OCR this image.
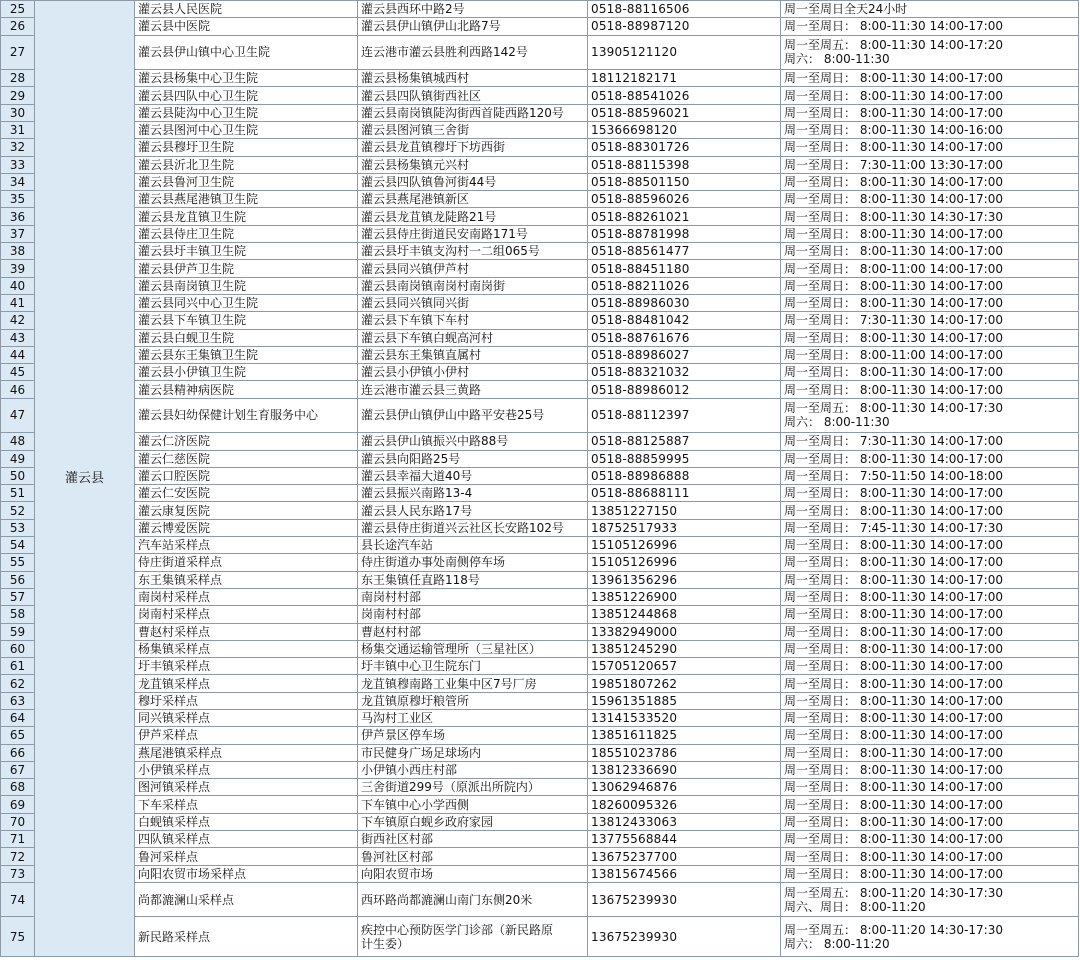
25	灌云县	灌云县人民医院	灌云县西环中路2号	0518-88116506	周一至周日全天24小时

26		灌云县中医院	灌云县伊山镇伊山北路7号	0518-88987120	周一至周日： 8:00-11:30 14:00-17:00

27		灌云县伊山镇中心卫生院	连云港市灌云县胜利西路142号	13905121120	周一至周五： 8:00-11:30 14:00-17:20
周六： 8:00-11:30

28		灌云县杨集中心卫生院	灌云县杨集镇城西村	18112182171	周一至周日： 8:00-11:30 14:00-17:00

29		灌云县四队中心卫生院	灌云县四队镇街西社区	0518-88541026	周一至周日： 8:00-11:30 14:00-17:00

30		灌云县陡沟中心卫生院	灌云县南岗镇陡沟街西首陡西路120号	0518-88596021	周一至周日： 8:00-11:30 14:00-17:00

31		灌云县图河中心卫生院	灌云县图河镇三舍街	15366698120	周一至周日： 8:00-11:30 14:00-16:00

32		灌云县穆圩卫生院	灌云县龙苴镇穆圩下坊西街	0518-88301726	周一至周日： 8:00-11:30 14:00-17:00

33		灌云县沂北卫生院	灌云县杨集镇元兴村	0518-88115398	周一至周日： 7:30-11:00 13:30-17:00

34		灌云县鲁河卫生院	灌云县四队镇鲁河街44号	0518-88501150	周一至周日： 8:00-11:30 14:00-17:00

35		灌云县燕尾港镇卫生院	灌云县燕尾港镇新区	0518-88596026	周一至周日： 8:00-11:30 14:00-17:00

36		灌云县龙苴镇卫生院	灌云县龙苴镇龙陡路21号	0518-88261021	周一至周日： 8:00-11:30 14:30-17:30

37		灌云县侍庄卫生院	灌云县侍庄街道民安南路171号	0518-88781998	周一至周日： 8:00-11:30 14:00-17:00

38		灌云县圩丰镇卫生院	灌云县圩丰镇支沟村一二组065号	0518-88561477	周一至周日： 8:00-11:30 14:00-17:00

39		灌云县伊芦卫生院	灌云县同兴镇伊芦村	0518-88451180	周一至周日： 8:00-11:00 14:00-17:00

40		灌云县南岗镇卫生院	灌云县南岗镇南岗村南岗街	0518-88211026	周一至周日： 8:00-11:30 14:00-17:00

41		灌云县同兴中心卫生院	灌云县同兴镇同兴街	0518-88986030	周一至周日： 8:00-11:30 14:00-17:00

42		灌云县下车镇卫生院	灌云县下车镇下车村	0518-88481042	周一至周日： 7:30-11:30 14:00-17:00

43		灌云县白蚬卫生院	灌云县下车镇白蚬高河村	0518-88761676	周一至周日： 8:00-11:30 14:00-17:00

44		灌云县东王集镇卫生院	灌云县东王集镇直属村	0518-88986027	周一至周日： 8:00-11:00 14:00-17:00

45		灌云县小伊镇卫生院	灌云县小伊镇小伊村	0518-88321032	周一至周日： 8:00-11:30 14:00-17:00

46		灌云县精神病医院	连云港市灌云县三黄路	0518-88986012	周一至周日： 8:00-11:30 14:00-17:00

47		灌云县妇幼保健计划生育服务中心	灌云县伊山镇伊山中路平安巷25号	0518-88112397	周一至周五： 8:00-11:30 14:00-17:30
周六： 8:00-11:30

48		灌云仁济医院	灌云县伊山镇振兴中路88号	0518-88125887	周一至周日： 7:30-11:30 14:00-17:00

49		灌云仁慈医院	灌云县向阳路25号	0518-88859995	周一至周日： 8:00-11:30 14:00-17:00

50		灌云口腔医院	灌云县幸福大道40号	0518-88986888	周一至周日： 7:50-11:50 14:00-18:00

51		灌云仁安医院	灌云县振兴南路13-4	0518-88688111	周一至周日： 8:00-11:30 14:00-17:00

52		灌云康复医院	灌云县人民东路17号	13851227150	周一至周日： 8:00-11:30 14:00-17:00

53		灌云博爱医院	灌云县侍庄街道兴云社区长安路102号	18752517933	周一至周日： 7:45-11:30 14:00-17:30

54		汽车站采样点	县长途汽车站	15105126996	周一至周日： 8:00-11:30 14:00-17:00

55		侍庄街道采样点	侍庄街道办事处南侧停车场	15105126996	周一至周日： 8:00-11:30 14:00-17:00

56		东王集镇采样点	东王集镇任直路118号	13961356296	周一至周日： 8:00-11:30 14:00-17:00

57		南岗村采样点	南岗村村部	13851226900	周一至周日： 8:00-11:30 14:00-17:00

58		岗南村采样点	岗南村村部	13851244868	周一至周日： 8:00-11:30 14:00-17:00

59		曹赵村采样点	曹赵村村部	13382949000	周一至周日： 8:00-11:30 14:00-17:00

60		杨集镇采样点	杨集交通运输管理所（三星社区）	13851245290	周一至周日： 8:00-11:30 14:00-17:00

61		圩丰镇采样点	圩丰镇中心卫生院东门	15705120657	周一至周日： 8:00-11:30 14:00-17:00

62		龙苴镇采样点	龙苴镇穆南路工业集中区7号厂房	19851807262	周一至周日： 8:00-11:30 14:00-17:00

63		穆圩采样点	龙苴镇原穆圩粮管所	15961351885	周一至周日： 8:00-11:30 14:00-17:00

64		同兴镇采样点	马沟村工业区	13141533520	周一至周日： 8:00-11:30 14:00-17:00

65		伊芦采样点	伊芦景区停车场	13851611825	周一至周日： 8:00-11:30 14:00-17:00

66		燕尾港镇采样点	市民健身广场足球场内	18551023786	周一至周日： 8:00-11:30 14:00-17:00

67		小伊镇采样点	小伊镇小西庄村部	13812336690	周一至周日： 8:00-11:30 14:00-17:00

68		图河镇采样点	三舍街道299号（原派出所院内）	13062946876	周一至周日： 8:00-11:30 14:00-17:00

69		下车采样点	下车镇中心小学西侧	18260095326	周一至周日： 8:00-11:30 14:00-17:00

70		白蚬镇采样点	下车镇原白蚬乡政府家园	13812433063	周一至周日： 8:00-11:30 14:00-17:00

71		四队镇采样点	街西社区村部	13775568844	周一至周日： 8:00-11:30 14:00-17:00

72		鲁河采样点	鲁河社区村部	13675237700	周一至周日： 8:00-11:30 14:00-17:00

73		向阳农贸市场采样点	向阳农贸市场	13815674566	周一至周日： 8:00-11:30 14:00-17:00

74		尚都漉澜山采样点	西环路尚都漉澜山南门东侧20米	13675239930	周一至周五： 8:00-11:20 14:30-17:30
周六、周日： 8:00-11:20

75		新民路采样点	疾控中心预防医学门诊部（新民路原
计生委）	13675239930	周一至周五： 8:00-11:20 14:30-17:30
周六： 8:00-11:20
